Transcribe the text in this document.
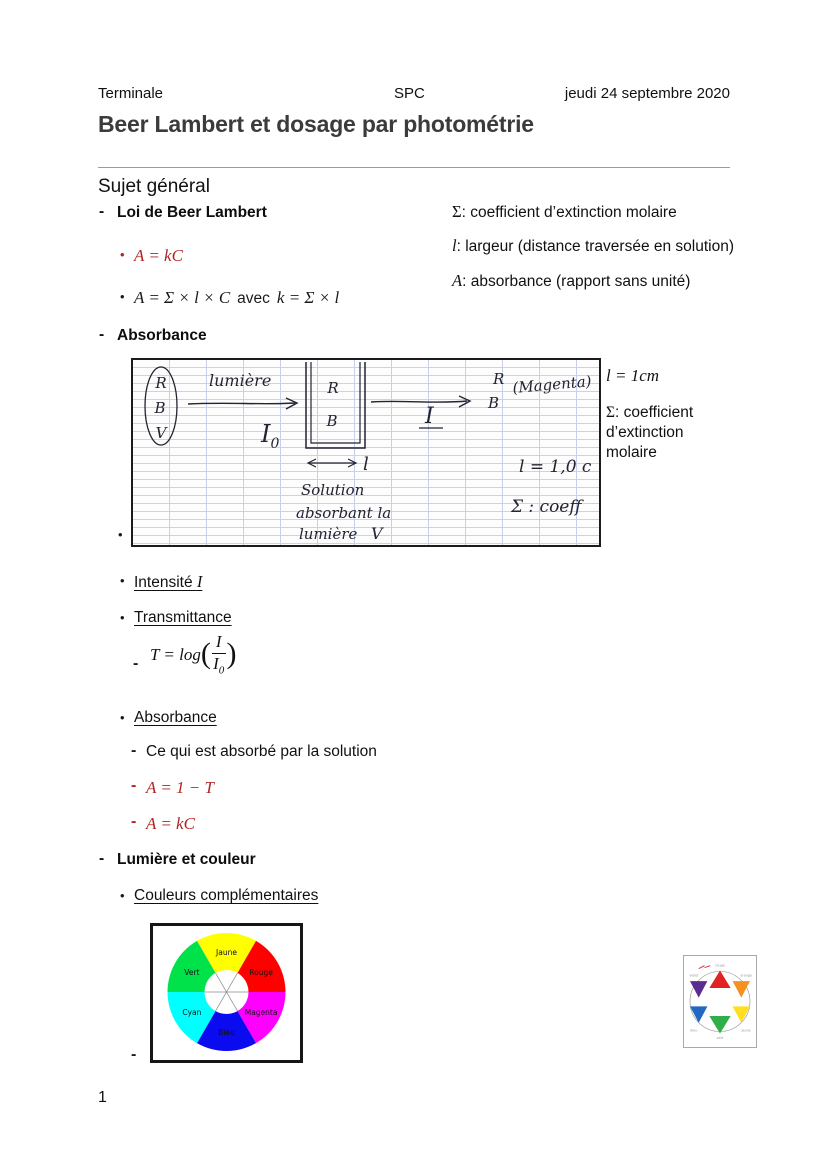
Terminale	SPC	jeudi 24 septembre 2020
Beer Lambert et dosage par photométrie
Sujet général
Σ: coefficient d’extinction molaire
l: largeur (distance traversée en solution)
A: absorbance (rapport sans unité)
- Loi de Beer Lambert
• A = kC
• A = Σ × l × C avec k = Σ × l
- Absorbance
R
B
V
lumière
$I_0$
R
B
l
Solution
absorbant la
lumière V
I
R
B
(Magenta)
l = 1,0 c
Σ : coeff
•
l = 1cm
Σ: coefficient d’extinction molaire
• Intensité I
• Transmittance
- T = log ( $\frac{I}{I_0}$ )
• Absorbance
- Ce qui est absorbé par la solution
- A = 1 − T
- A = kC
- Lumière et couleur
• Couleurs complémentaires
Jaune
Rouge
Magenta
Bleu
Cyan
Vert
-
rouge
orange
jaune
vert
bleu
violet
1
